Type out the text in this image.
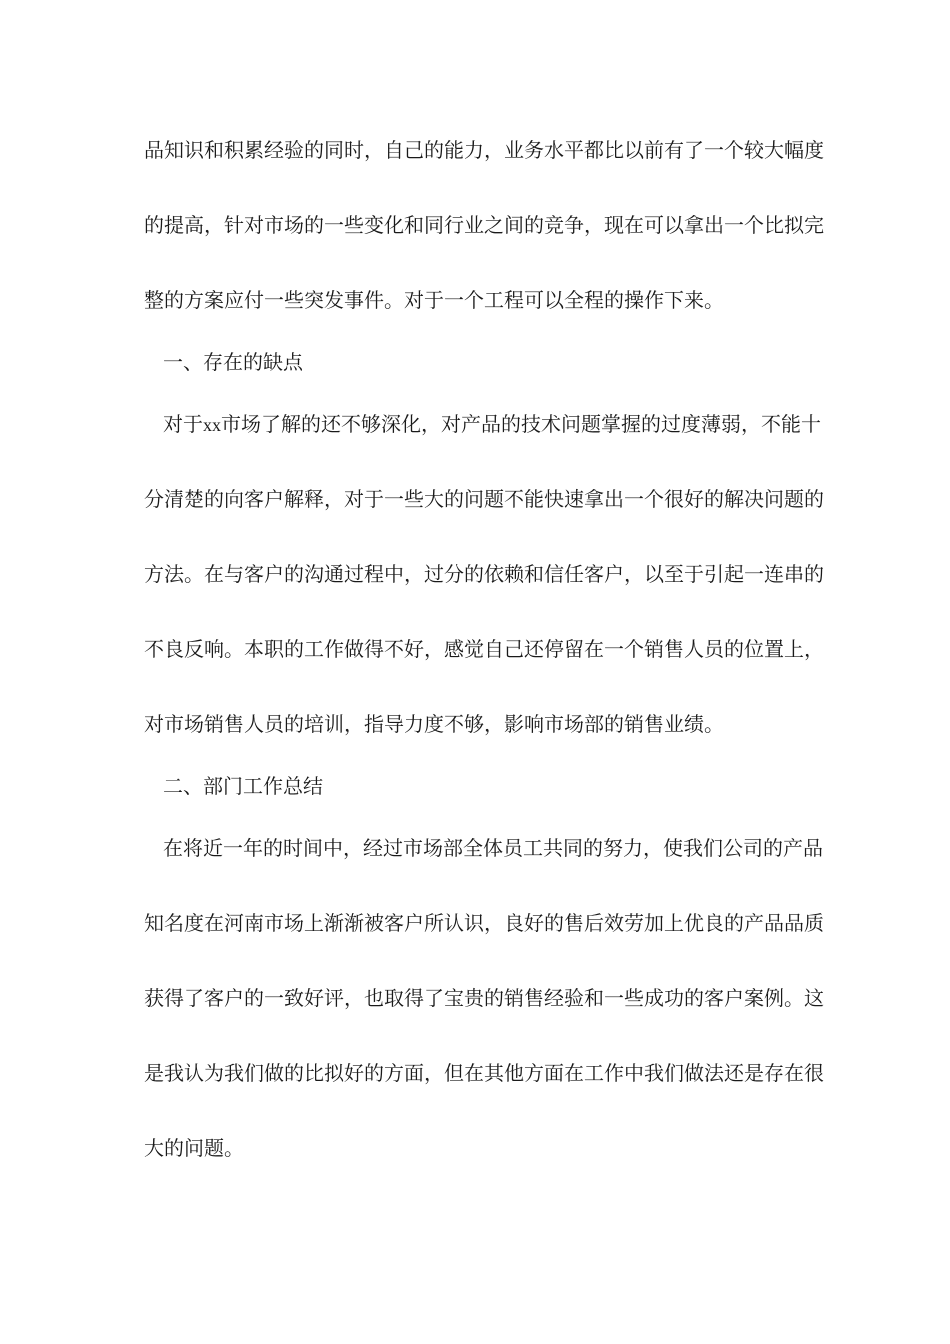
品知识和积累经验的同时，自己的能力，业务水平都比以前有了一个较大幅度
的提高，针对市场的一些变化和同行业之间的竞争，现在可以拿出一个比拟完
整的方案应付一些突发事件。对于一个工程可以全程的操作下来。
一、存在的缺点
对于xx市场了解的还不够深化，对产品的技术问题掌握的过度薄弱，不能十
分清楚的向客户解释，对于一些大的问题不能快速拿出一个很好的解决问题的
方法。在与客户的沟通过程中，过分的依赖和信任客户，以至于引起一连串的
不良反响。本职的工作做得不好，感觉自己还停留在一个销售人员的位置上，
对市场销售人员的培训，指导力度不够，影响市场部的销售业绩。
二、部门工作总结
在将近一年的时间中，经过市场部全体员工共同的努力，使我们公司的产品
知名度在河南市场上渐渐被客户所认识，良好的售后效劳加上优良的产品品质
获得了客户的一致好评，也取得了宝贵的销售经验和一些成功的客户案例。这
是我认为我们做的比拟好的方面，但在其他方面在工作中我们做法还是存在很
大的问题。
